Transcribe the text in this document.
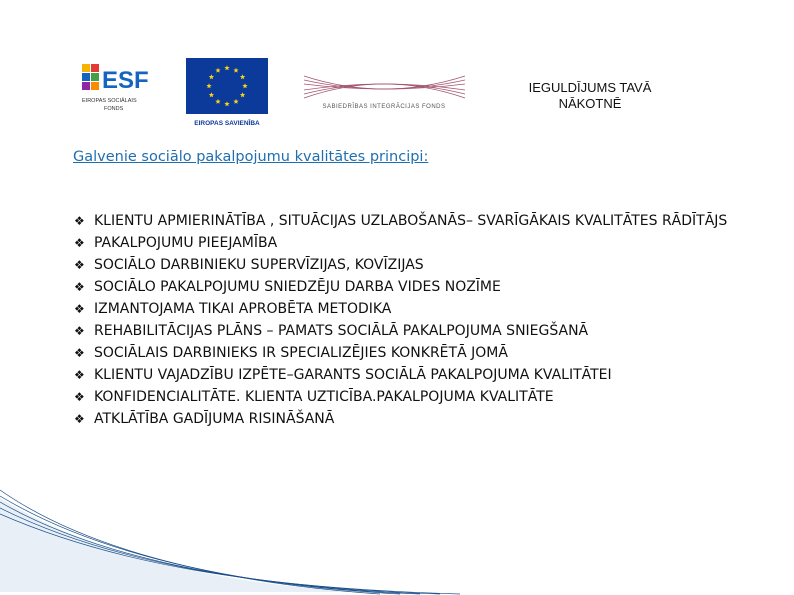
ESF
EIROPAS SOCIĀLAIS
FONDS
EIROPAS SAVIENĪBA
SABIEDRĪBAS INTEGRĀCIJAS FONDS
IEGULDĪJUMS TAVĀ
NĀKOTNĒ
Galvenie sociālo pakalpojumu kvalitātes principi:
❖ KLIENTU APMIERINĀTĪBA , SITUĀCIJAS UZLABOŠANĀS– SVARĪGĀKAIS KVALITĀTES RĀDĪTĀJS
❖ PAKALPOJUMU PIEEJAMĪBA
❖ SOCIĀLO DARBINIEKU SUPERVĪZIJAS, KOVĪZIJAS
❖ SOCIĀLO PAKALPOJUMU SNIEDZĒJU DARBA VIDES NOZĪME
❖ IZMANTOJAMA TIKAI APROBĒTA METODIKA
❖ REHABILITĀCIJAS PLĀNS – PAMATS SOCIĀLĀ PAKALPOJUMA SNIEGŠANĀ
❖ SOCIĀLAIS DARBINIEKS IR SPECIALIZĒJIES KONKRĒTĀ JOMĀ
❖ KLIENTU VAJADZĪBU IZPĒTE–GARANTS SOCIĀLĀ PAKALPOJUMA KVALITĀTEI
❖ KONFIDENCIALITĀTE. KLIENTA UZTICĪBA.PAKALPOJUMA KVALITĀTE
❖ ATKLĀTĪBA GADĪJUMA RISINĀŠANĀ
